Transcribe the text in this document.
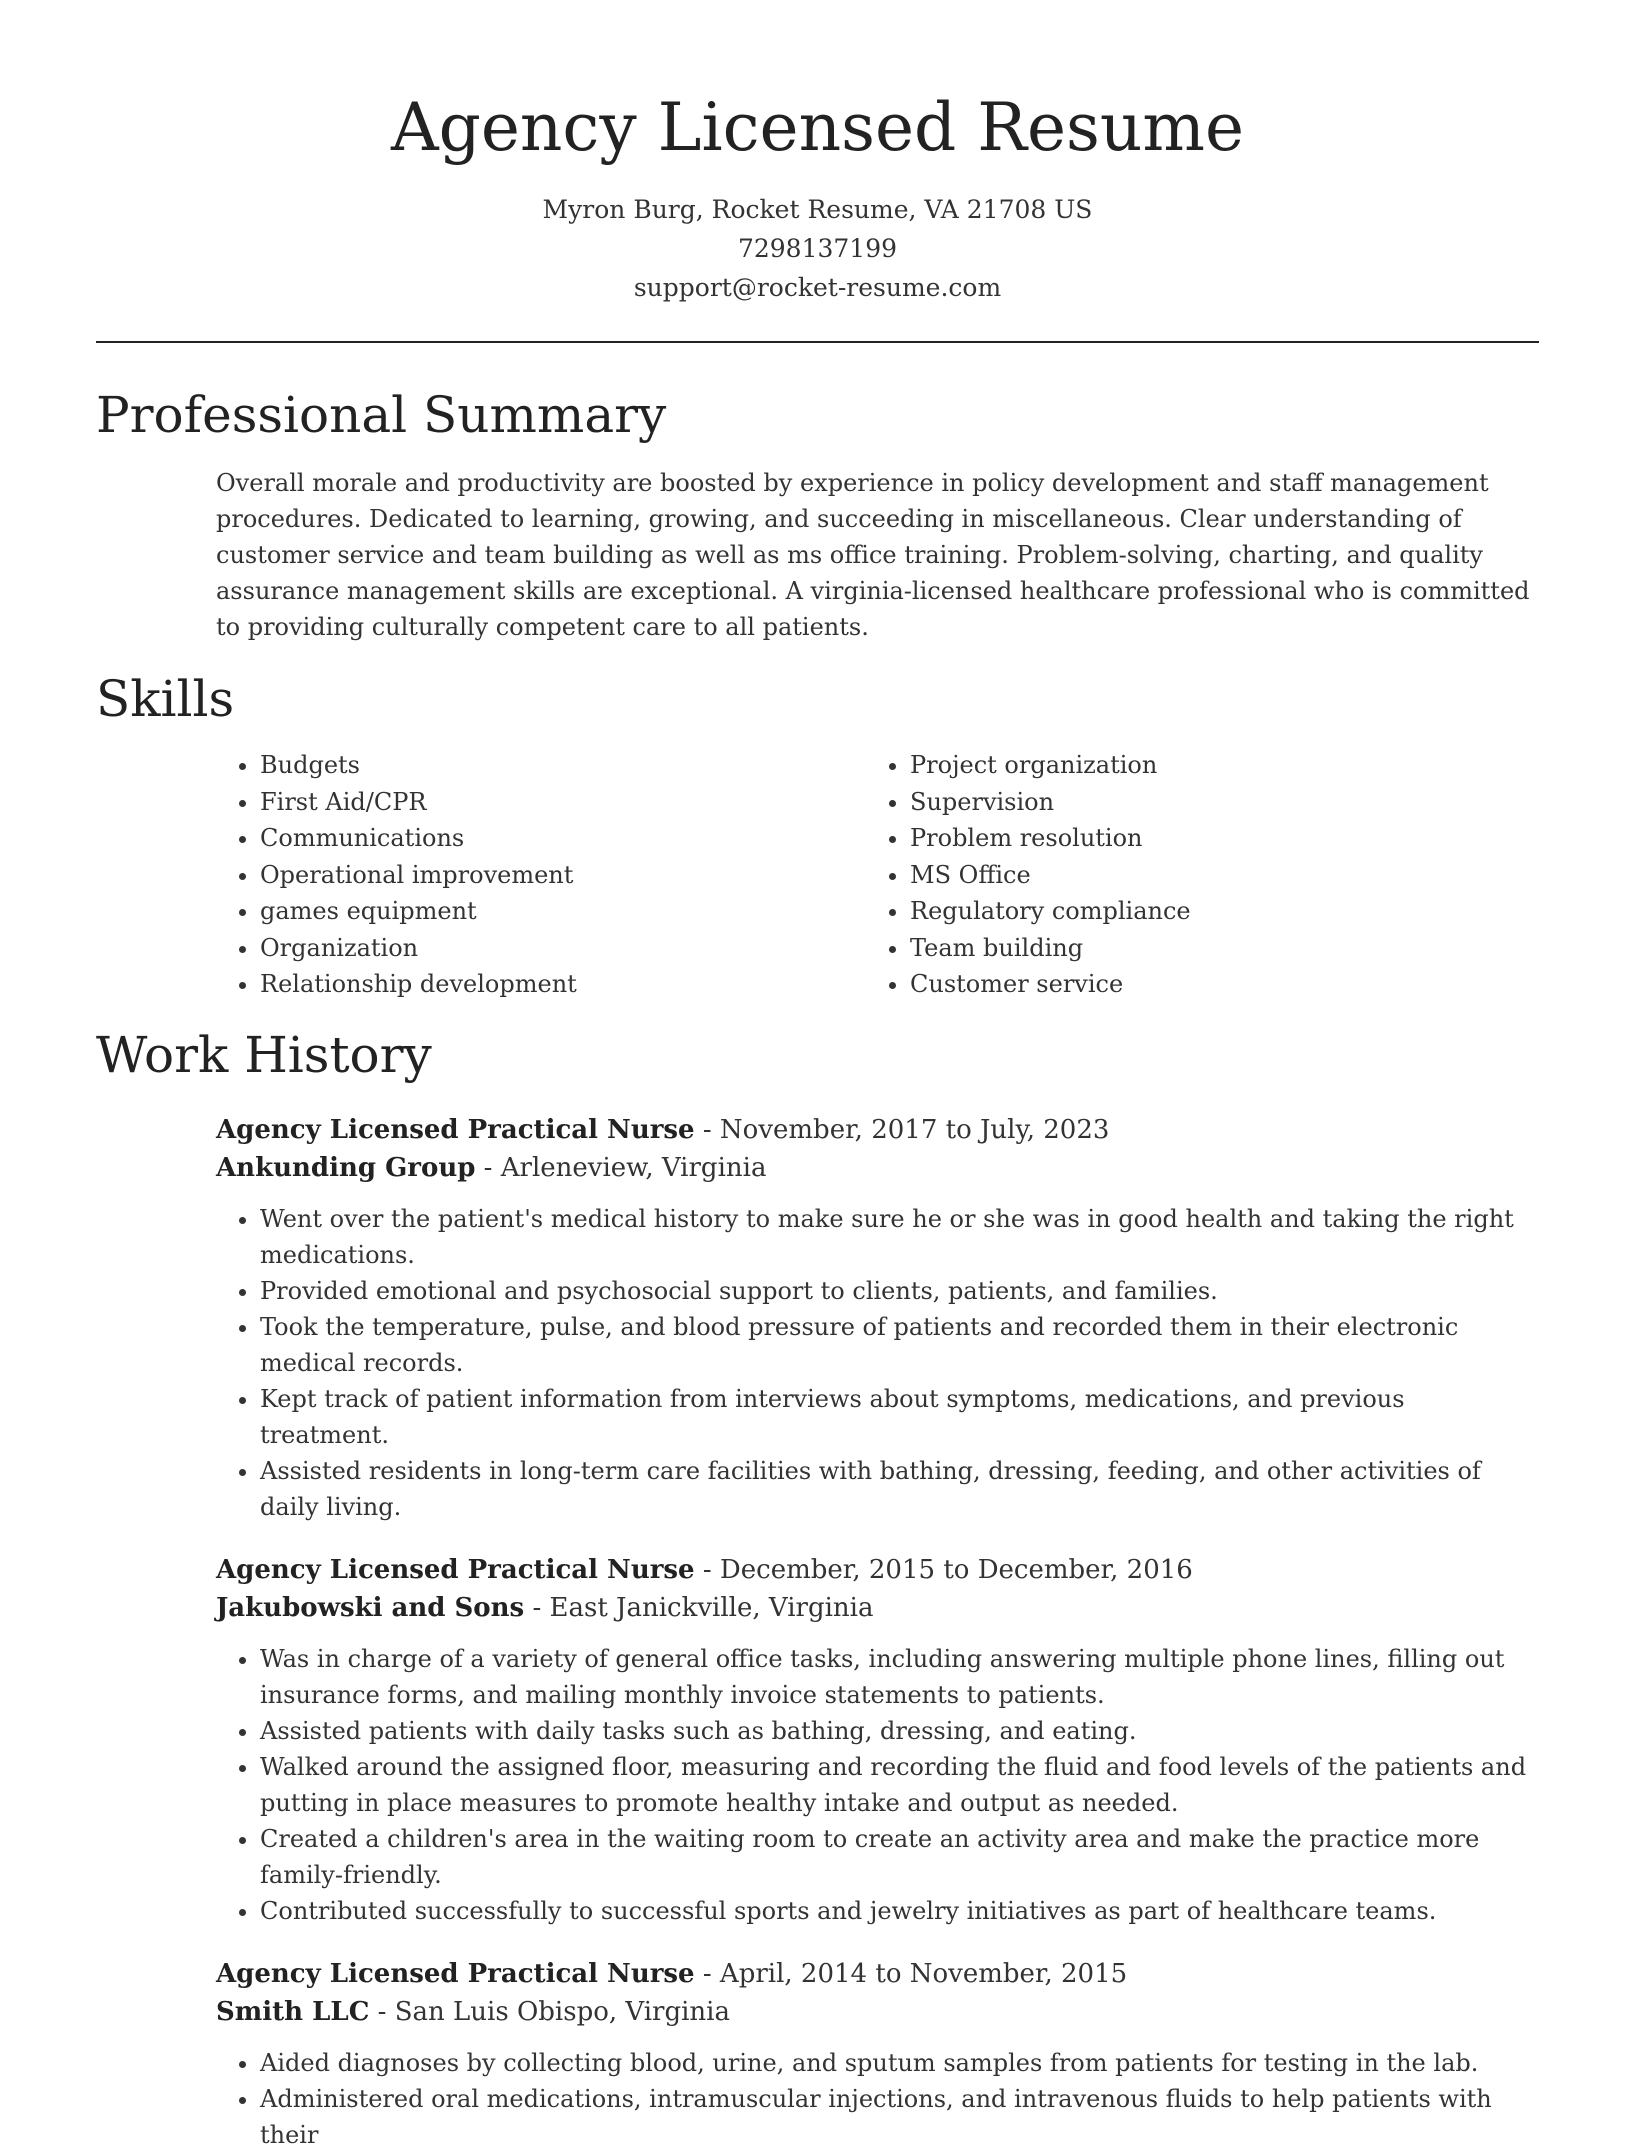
Agency Licensed Resume
Myron Burg, Rocket Resume, VA 21708 US
7298137199
support@rocket-resume.com
Professional Summary

Overall morale and productivity are boosted by experience in policy development and staff management procedures. Dedicated to learning, growing, and succeeding in miscellaneous. Clear understanding of customer service and team building as well as ms office training. Problem-solving, charting, and quality assurance management skills are exceptional. A virginia-licensed healthcare professional who is committed to providing culturally competent care to all patients.

Skills
• Budgets
• First Aid/CPR
• Communications
• Operational improvement
• games equipment
• Organization
• Relationship development
• Project organization
• Supervision
• Problem resolution
• MS Office
• Regulatory compliance
• Team building
• Customer service
Work History
Agency Licensed Practical Nurse - November, 2017 to July, 2023
Ankunding Group - Arleneview, Virginia
• Went over the patient's medical history to make sure he or she was in good health and taking the right medications.
• Provided emotional and psychosocial support to clients, patients, and families.
• Took the temperature, pulse, and blood pressure of patients and recorded them in their electronic medical records.
• Kept track of patient information from interviews about symptoms, medications, and previous treatment.
• Assisted residents in long-term care facilities with bathing, dressing, feeding, and other activities of daily living.
Agency Licensed Practical Nurse - December, 2015 to December, 2016
Jakubowski and Sons - East Janickville, Virginia
• Was in charge of a variety of general office tasks, including answering multiple phone lines, filling out insurance forms, and mailing monthly invoice statements to patients.
• Assisted patients with daily tasks such as bathing, dressing, and eating.
• Walked around the assigned floor, measuring and recording the fluid and food levels of the patients and putting in place measures to promote healthy intake and output as needed.
• Created a children's area in the waiting room to create an activity area and make the practice more family-friendly.
• Contributed successfully to successful sports and jewelry initiatives as part of healthcare teams.
Agency Licensed Practical Nurse - April, 2014 to November, 2015
Smith LLC - San Luis Obispo, Virginia
• Aided diagnoses by collecting blood, urine, and sputum samples from patients for testing in the lab.
• Administered oral medications, intramuscular injections, and intravenous fluids to help patients with their
